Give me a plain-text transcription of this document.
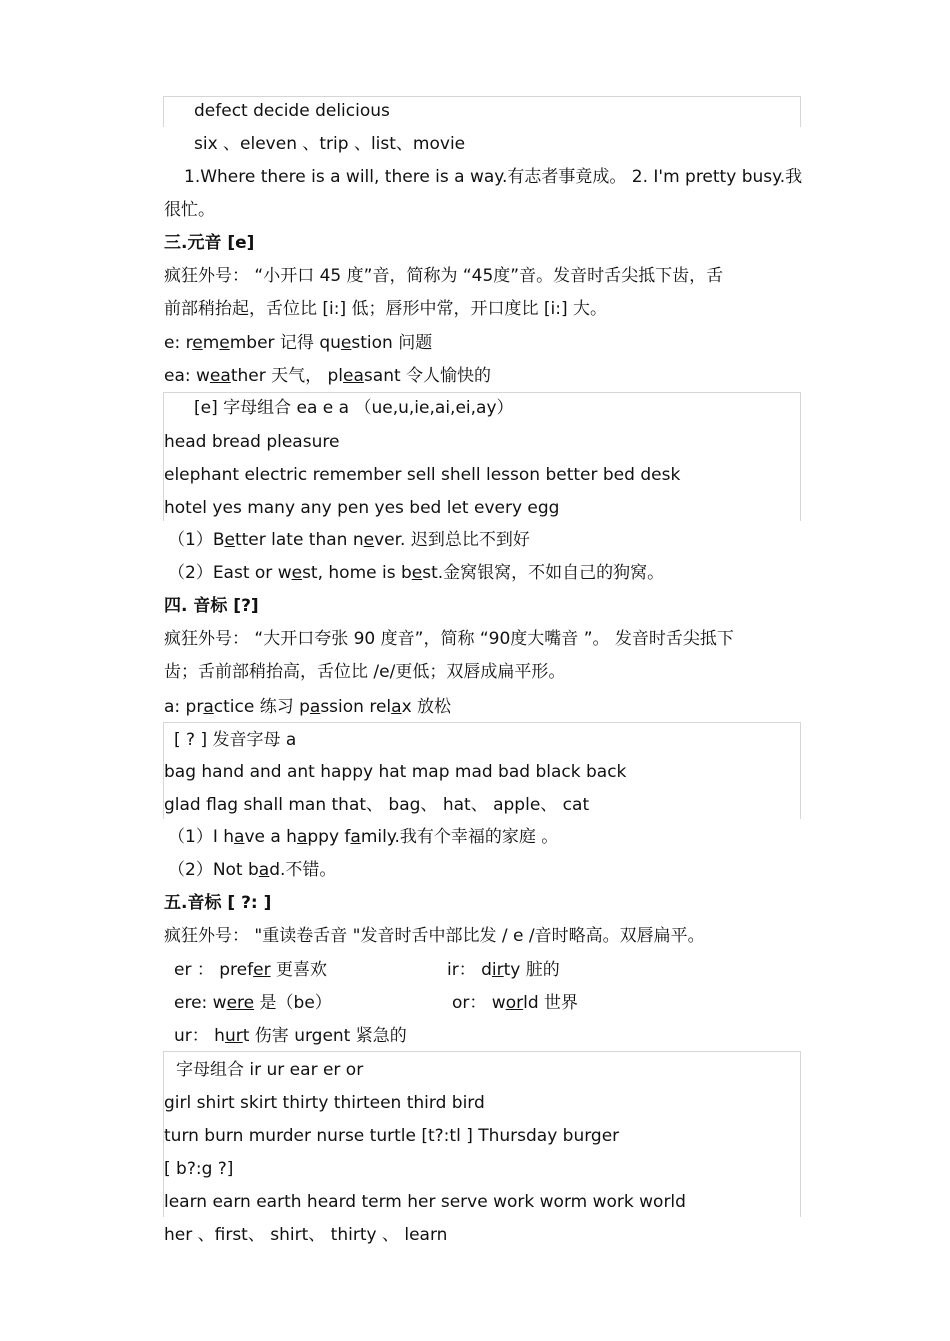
defect decide delicious
six 、eleven 、trip 、list、movie
1.Where there is a will, there is a way.有志者事竟成。 2. I'm pretty busy.我
很忙。
三.元音 [e]
疯狂外号： “小开口 45 度”音，简称为 “45度”音。发音时舌尖抵下齿，舌
前部稍抬起，舌位比 [i:] 低；唇形中常，开口度比 [i:] 大。
e: remember 记得 question 问题
ea: weather 天气， pleasant 令人愉快的
[e] 字母组合 ea e a （ue,u,ie,ai,ei,ay）
head bread pleasure
elephant electric remember sell shell lesson better bed desk
hotel yes many any pen yes bed let every egg
（1）Better late than never. 迟到总比不到好
（2）East or west, home is best.金窝银窝，不如自己的狗窝。
四. 音标 [?]
疯狂外号： “大开口夸张 90 度音”，简称 “90度大嘴音 ”。 发音时舌尖抵下
齿；舌前部稍抬高，舌位比 /e/更低；双唇成扁平形。
a: practice 练习 passion relax 放松
[ ? ] 发音字母 a
bag hand and ant happy hat map mad bad black back
glad flag shall man that、 bag、 hat、 apple、 cat
（1）I have a happy family.我有个幸福的家庭 。
（2）Not bad.不错。
五.音标 [ ?: ]
疯狂外号： "重读卷舌音 "发音时舌中部比发 / e /音时略高。双唇扁平。
er ： prefer 更喜欢	ir： dirty 脏的
ere: were 是（be）	or： world 世界
ur： hurt 伤害 urgent 紧急的
字母组合 ir ur ear er or
girl shirt skirt thirty thirteen third bird
turn burn murder nurse turtle [t?:tl ] Thursday burger
[ b?:g ?]
learn earn earth heard term her serve work worm work world
her 、first、 shirt、 thirty 、 learn
